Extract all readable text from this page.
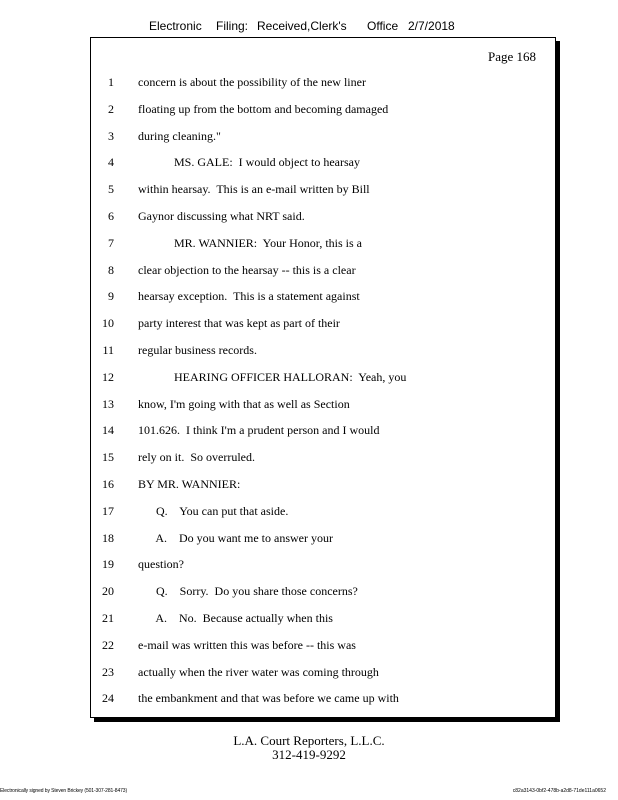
Electronic Filing: Received,Clerk's Office 2/7/2018
Page 168
1 concern is about the possibility of the new liner
2 floating up from the bottom and becoming damaged
3 during cleaning."
4 MS. GALE:  I would object to hearsay
5 within hearsay.  This is an e-mail written by Bill
6 Gaynor discussing what NRT said.
7 MR. WANNIER:  Your Honor, this is a
8 clear objection to the hearsay -- this is a clear
9 hearsay exception.  This is a statement against
10 party interest that was kept as part of their
11 regular business records.
12 HEARING OFFICER HALLORAN:  Yeah, you
13 know, I'm going with that as well as Section
14 101.626.  I think I'm a prudent person and I would
15 rely on it.  So overruled.
16 BY MR. WANNIER:
17 Q.    You can put that aside.
18 A.    Do you want me to answer your
19 question?
20 Q.    Sorry.  Do you share those concerns?
21 A.    No.  Because actually when this
22 e-mail was written this was before -- this was
23 actually when the river water was coming through
24 the embankment and that was before we came up with
L.A. Court Reporters, L.L.C.
312-419-9292
Electronically signed by Steven Brickey (501-307-281-8473)	c82a3143-0bf2-478b-a2d8-71de111a0652
